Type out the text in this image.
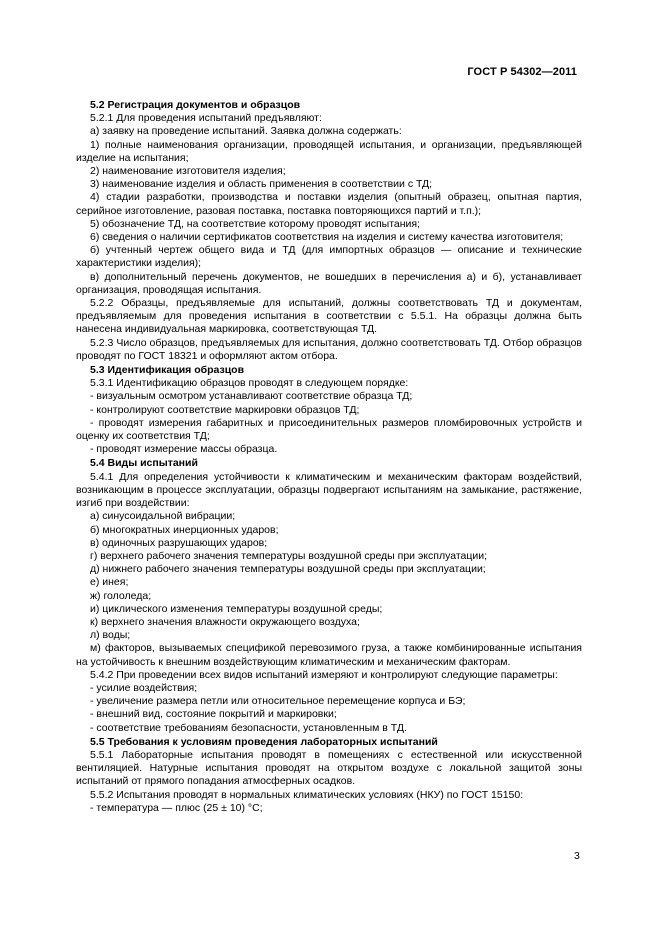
ГОСТ Р 54302—2011
5.2 Регистрация документов и образцов

5.2.1 Для проведения испытаний предъявляют:

а) заявку на проведение испытаний. Заявка должна содержать:

1) полные наименования организации, проводящей испытания, и организации, предъявляющей изделие на испытания;

2) наименование изготовителя изделия;

3) наименование изделия и область применения в соответствии с ТД;

4) стадии разработки, производства и поставки изделия (опытный образец, опытная партия, серийное изготовление, разовая поставка, поставка повторяющихся партий и т.п.);

5) обозначение ТД, на соответствие которому проводят испытания;

6) сведения о наличии сертификатов соответствия на изделия и систему качества изготовителя;

б) учтенный чертеж общего вида и ТД (для импортных образцов — описание и технические характеристики изделия);

в) дополнительный перечень документов, не вошедших в перечисления а) и б), устанавливает организация, проводящая испытания.

5.2.2 Образцы, предъявляемые для испытаний, должны соответствовать ТД и документам, предъявляемым для проведения испытания в соответствии с 5.5.1. На образцы должна быть нанесена индивидуальная маркировка, соответствующая ТД.

5.2.3 Число образцов, предъявляемых для испытания, должно соответствовать ТД. Отбор образцов проводят по ГОСТ 18321 и оформляют актом отбора.

5.3 Идентификация образцов

5.3.1 Идентификацию образцов проводят в следующем порядке:

- визуальным осмотром устанавливают соответствие образца ТД;

- контролируют соответствие маркировки образцов ТД;

- проводят измерения габаритных и присоединительных размеров пломбировочных устройств и оценку их соответствия ТД;

- проводят измерение массы образца.

5.4 Виды испытаний

5.4.1 Для определения устойчивости к климатическим и механическим факторам воздействий, возникающим в процессе эксплуатации, образцы подвергают испытаниям на замыкание, растяжение, изгиб при воздействии:

а) синусоидальной вибрации;

б) многократных инерционных ударов;

в) одиночных разрушающих ударов;

г) верхнего рабочего значения температуры воздушной среды при эксплуатации;

д) нижнего рабочего значения температуры воздушной среды при эксплуатации;

е) инея;

ж) гололеда;

и) циклического изменения температуры воздушной среды;

к) верхнего значения влажности окружающего воздуха;

л) воды;

м) факторов, вызываемых спецификой перевозимого груза, а также комбинированные испытания на устойчивость к внешним воздействующим климатическим и механическим факторам.

5.4.2 При проведении всех видов испытаний измеряют и контролируют следующие параметры:

- усилие воздействия;

- увеличение размера петли или относительное перемещение корпуса и БЭ;

- внешний вид, состояние покрытий и маркировки;

- соответствие требованиям безопасности, установленным в ТД.

5.5 Требования к условиям проведения лабораторных испытаний

5.5.1 Лабораторные испытания проводят в помещениях с естественной или искусственной вентиляцией. Натурные испытания проводят на открытом воздухе с локальной защитой зоны испытаний от прямого попадания атмосферных осадков.

5.5.2 Испытания проводят в нормальных климатических условиях (НКУ) по ГОСТ 15150:

- температура — плюс (25 ± 10) °С;

3
